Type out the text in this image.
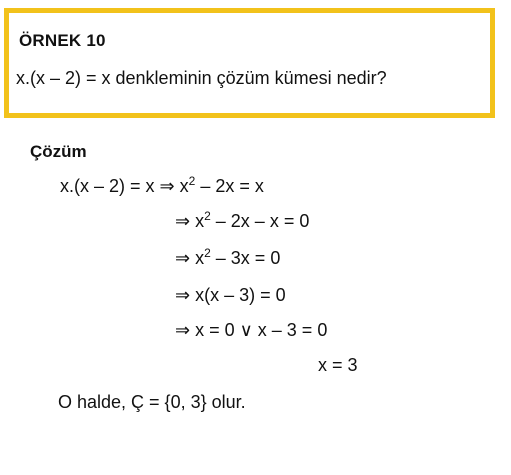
ÖRNEK 10
x.(x – 2) = x denkleminin çözüm kümesi nedir?
Çözüm
x.(x – 2) = x ⇒ $x^2 - 2x = x$
⇒ $x^2 - 2x - x = 0$
⇒ $x^2 - 3x = 0$
⇒ x(x – 3) = 0
⇒ x = 0 ∨ x – 3 = 0
x = 3
O halde, Ç = {0, 3} olur.
